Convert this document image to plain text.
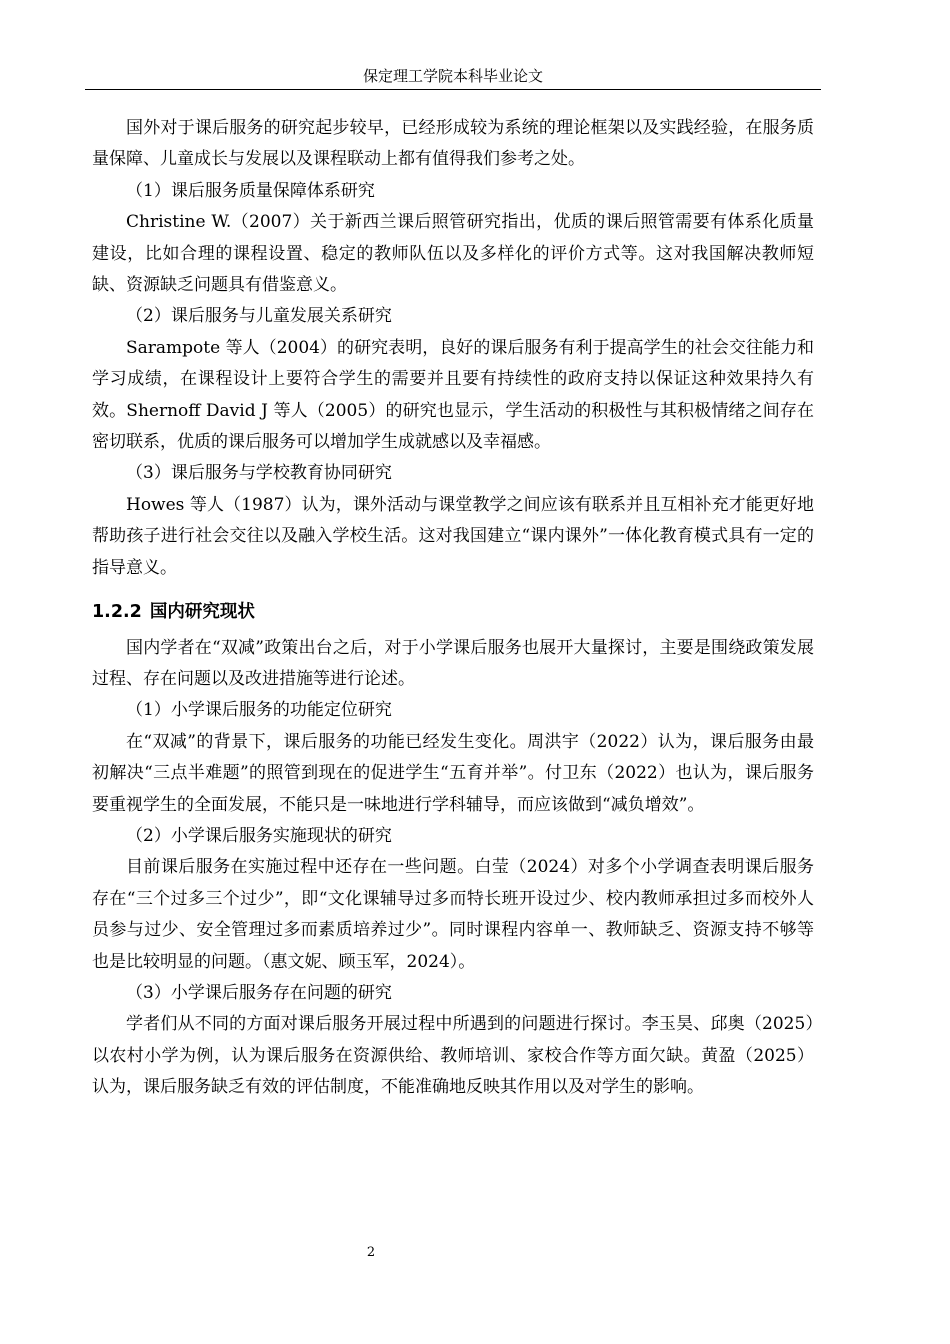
保定理工学院本科毕业论文

国外对于课后服务的研究起步较早，已经形成较为系统的理论框架以及实践经验，在服务质量保障、儿童成长与发展以及课程联动上都有值得我们参考之处。

（1）课后服务质量保障体系研究

Christine W.（2007）关于新西兰课后照管研究指出，优质的课后照管需要有体系化质量建设，比如合理的课程设置、稳定的教师队伍以及多样化的评价方式等。这对我国解决教师短缺、资源缺乏问题具有借鉴意义。

（2）课后服务与儿童发展关系研究

Sarampote 等人（2004）的研究表明，良好的课后服务有利于提高学生的社会交往能力和学习成绩，在课程设计上要符合学生的需要并且要有持续性的政府支持以保证这种效果持久有效。Shernoff David J 等人（2005）的研究也显示，学生活动的积极性与其积极情绪之间存在密切联系，优质的课后服务可以增加学生成就感以及幸福感。

（3）课后服务与学校教育协同研究

Howes 等人（1987）认为，课外活动与课堂教学之间应该有联系并且互相补充才能更好地帮助孩子进行社会交往以及融入学校生活。这对我国建立“课内课外”一体化教育模式具有一定的指导意义。

1.2.2 国内研究现状

国内学者在“双减”政策出台之后，对于小学课后服务也展开大量探讨，主要是围绕政策发展过程、存在问题以及改进措施等进行论述。

（1）小学课后服务的功能定位研究

在“双减”的背景下，课后服务的功能已经发生变化。周洪宇（2022）认为，课后服务由最初解决“三点半难题”的照管到现在的促进学生“五育并举”。付卫东（2022）也认为，课后服务要重视学生的全面发展，不能只是一味地进行学科辅导，而应该做到“减负增效”。

（2）小学课后服务实施现状的研究

目前课后服务在实施过程中还存在一些问题。白莹（2024）对多个小学调查表明课后服务存在“三个过多三个过少”，即“文化课辅导过多而特长班开设过少、校内教师承担过多而校外人员参与过少、安全管理过多而素质培养过少”。同时课程内容单一、教师缺乏、资源支持不够等也是比较明显的问题。（惠文妮、顾玉军，2024）。

（3）小学课后服务存在问题的研究

学者们从不同的方面对课后服务开展过程中所遇到的问题进行探讨。李玉昊、邱奥（2025）以农村小学为例，认为课后服务在资源供给、教师培训、家校合作等方面欠缺。黄盈（2025）认为，课后服务缺乏有效的评估制度，不能准确地反映其作用以及对学生的影响。

2
